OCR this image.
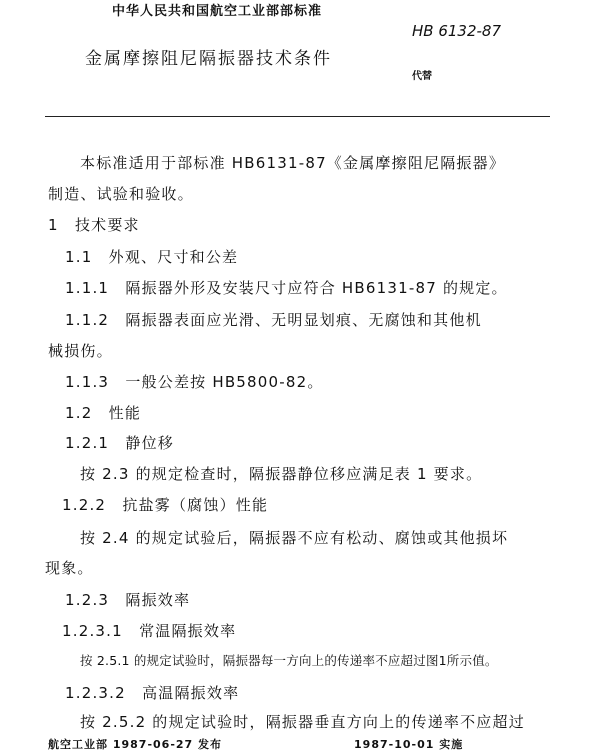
中华人民共和国航空工业部部标准
HB 6132-87
金属摩擦阻尼隔振器技术条件
代替
本标准适用于部标准 HB6131-87《金属摩擦阻尼隔振器》
制造、试验和验收。
1　技术要求
1.1　外观、尺寸和公差
1.1.1　隔振器外形及安装尺寸应符合 HB6131-87 的规定。
1.1.2　隔振器表面应光滑、无明显划痕、无腐蚀和其他机
械损伤。
1.1.3　一般公差按 HB5800-82。
1.2　性能
1.2.1　静位移
按 2.3 的规定检查时，隔振器静位移应满足表 1 要求。
1.2.2　抗盐雾（腐蚀）性能
按 2.4 的规定试验后，隔振器不应有松动、腐蚀或其他损坏
现象。
1.2.3　隔振效率
1.2.3.1　常温隔振效率
按 2.5.1 的规定试验时，隔振器每一方向上的传递率不应超过图1所示值。
1.2.3.2　高温隔振效率
按 2.5.2 的规定试验时，隔振器垂直方向上的传递率不应超过
航空工业部 1987-06-27 发布　　　　　　　　　　　1987-10-01 实施
